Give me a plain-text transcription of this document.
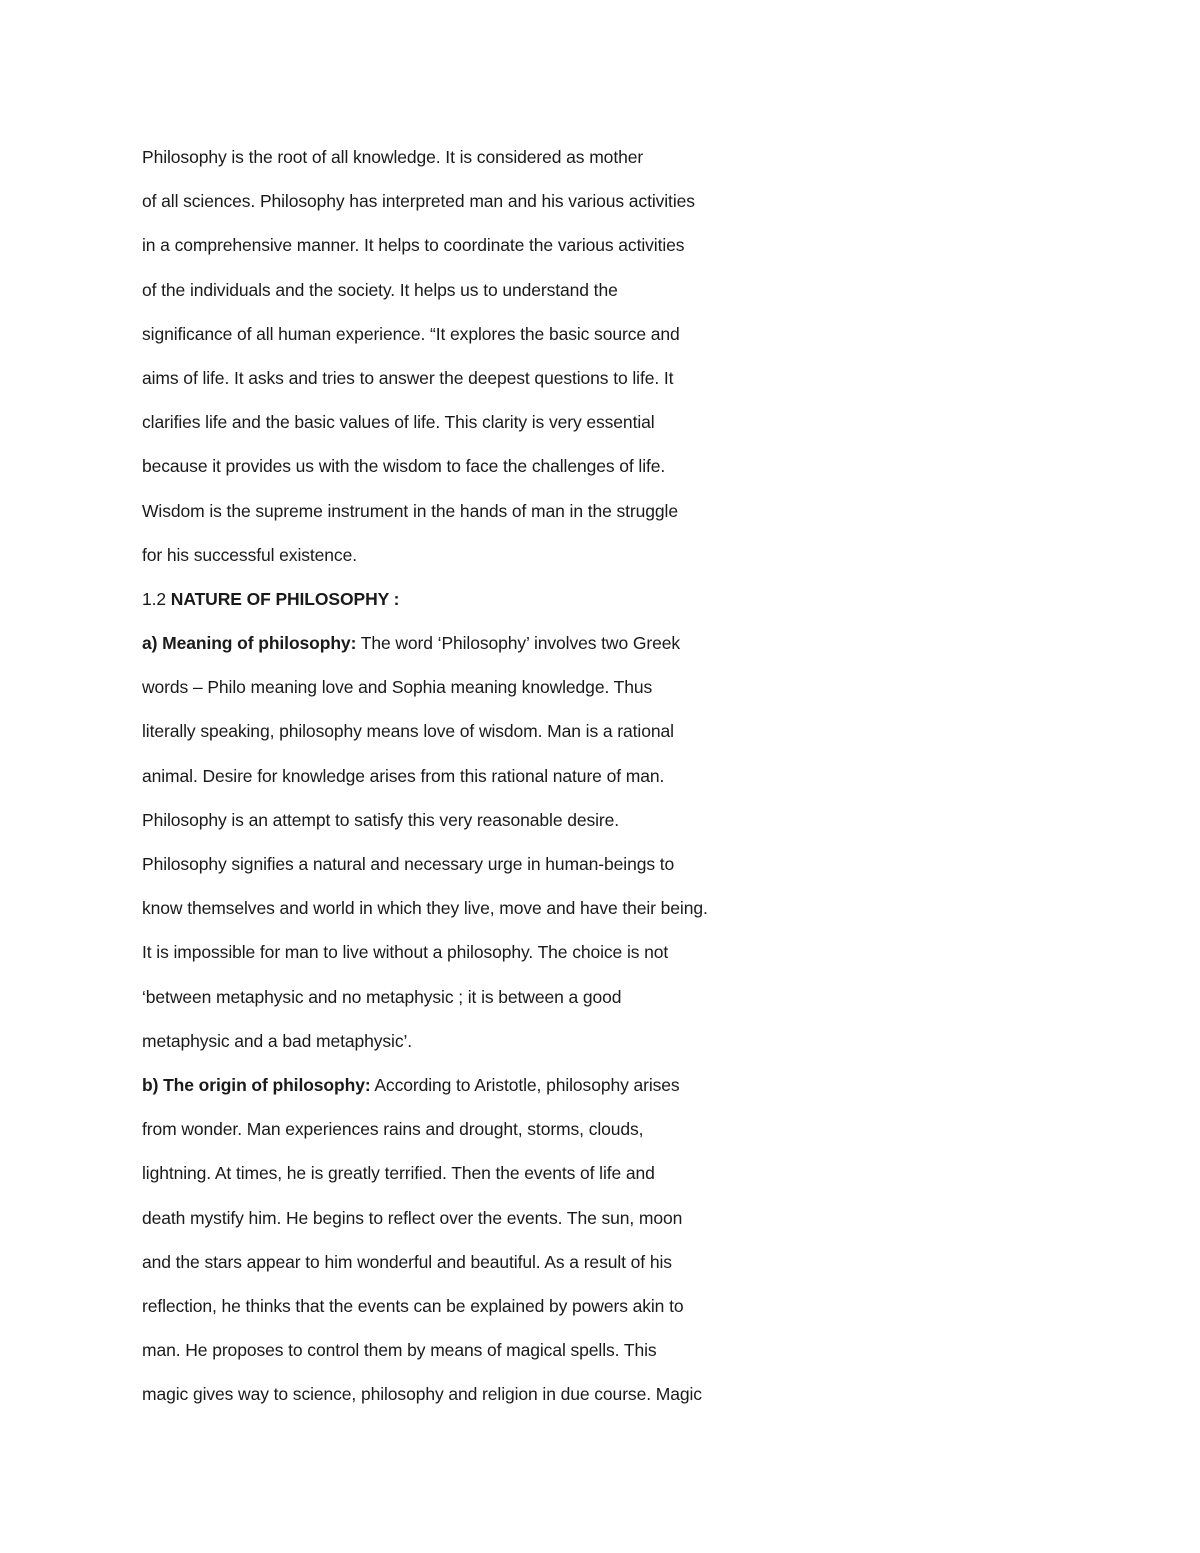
Philosophy is the root of all knowledge. It is considered as mother
of all sciences. Philosophy has interpreted man and his various activities
in a comprehensive manner. It helps to coordinate the various activities
of the individuals and the society. It helps us to understand the
significance of all human experience. “It explores the basic source and
aims of life. It asks and tries to answer the deepest questions to life. It
clarifies life and the basic values of life. This clarity is very essential
because it provides us with the wisdom to face the challenges of life.
Wisdom is the supreme instrument in the hands of man in the struggle
for his successful existence.
1.2 NATURE OF PHILOSOPHY :
a) Meaning of philosophy: The word ‘Philosophy’ involves two Greek
words – Philo meaning love and Sophia meaning knowledge. Thus
literally speaking, philosophy means love of wisdom. Man is a rational
animal. Desire for knowledge arises from this rational nature of man.
Philosophy is an attempt to satisfy this very reasonable desire.
Philosophy signifies a natural and necessary urge in human-beings to
know themselves and world in which they live, move and have their being.
It is impossible for man to live without a philosophy. The choice is not
‘between metaphysic and no metaphysic ; it is between a good
metaphysic and a bad metaphysic’.
b) The origin of philosophy: According to Aristotle, philosophy arises
from wonder. Man experiences rains and drought, storms, clouds,
lightning. At times, he is greatly terrified. Then the events of life and
death mystify him. He begins to reflect over the events. The sun, moon
and the stars appear to him wonderful and beautiful. As a result of his
reflection, he thinks that the events can be explained by powers akin to
man. He proposes to control them by means of magical spells. This
magic gives way to science, philosophy and religion in due course. Magic
